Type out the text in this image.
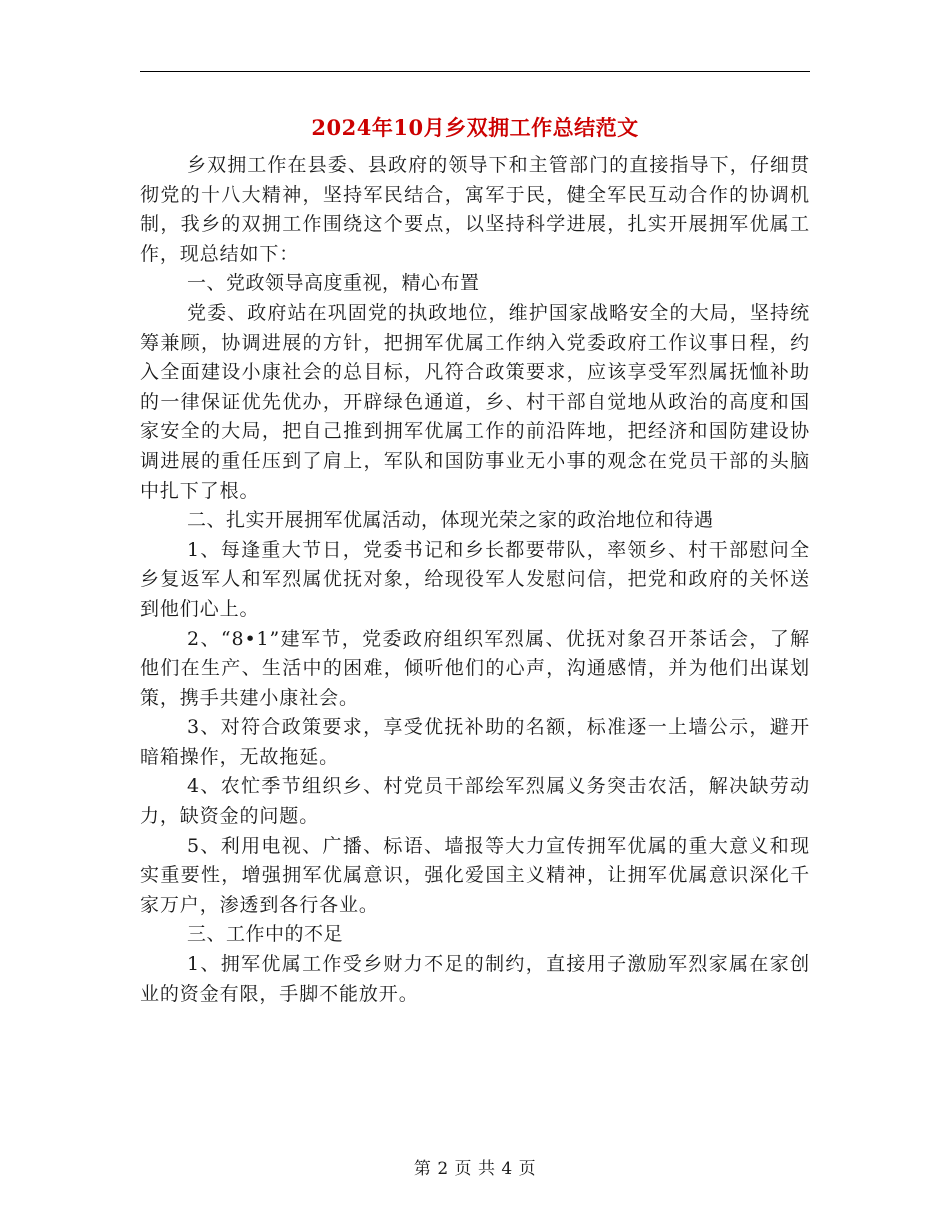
2024年10月乡双拥工作总结范文

乡双拥工作在县委、县政府的领导下和主管部门的直接指导下，仔细贯彻党的十八大精神，坚持军民结合，寓军于民，健全军民互动合作的协调机制，我乡的双拥工作围绕这个要点，以坚持科学进展，扎实开展拥军优属工作，现总结如下：

一、党政领导高度重视，精心布置

党委、政府站在巩固党的执政地位，维护国家战略安全的大局，坚持统筹兼顾，协调进展的方针，把拥军优属工作纳入党委政府工作议事日程，约入全面建设小康社会的总目标，凡符合政策要求，应该享受军烈属抚恤补助的一律保证优先优办，开辟绿色通道，乡、村干部自觉地从政治的高度和国家安全的大局，把自己推到拥军优属工作的前沿阵地，把经济和国防建设协调进展的重任压到了肩上，军队和国防事业无小事的观念在党员干部的头脑中扎下了根。

二、扎实开展拥军优属活动，体现光荣之家的政治地位和待遇

1、每逢重大节日，党委书记和乡长都要带队，率领乡、村干部慰问全乡复返军人和军烈属优抚对象，给现役军人发慰问信，把党和政府的关怀送到他们心上。

2、“8•1”建军节，党委政府组织军烈属、优抚对象召开茶话会，了解他们在生产、生活中的困难，倾听他们的心声，沟通感情，并为他们出谋划策，携手共建小康社会。

3、对符合政策要求，享受优抚补助的名额，标准逐一上墙公示，避开暗箱操作，无故拖延。

4、农忙季节组织乡、村党员干部绘军烈属义务突击农活，解决缺劳动力，缺资金的问题。

5、利用电视、广播、标语、墙报等大力宣传拥军优属的重大意义和现实重要性，增强拥军优属意识，强化爱国主义精神，让拥军优属意识深化千家万户，渗透到各行各业。

三、工作中的不足

1、拥军优属工作受乡财力不足的制约，直接用子激励军烈家属在家创业的资金有限，手脚不能放开。

第 2 页 共 4 页
